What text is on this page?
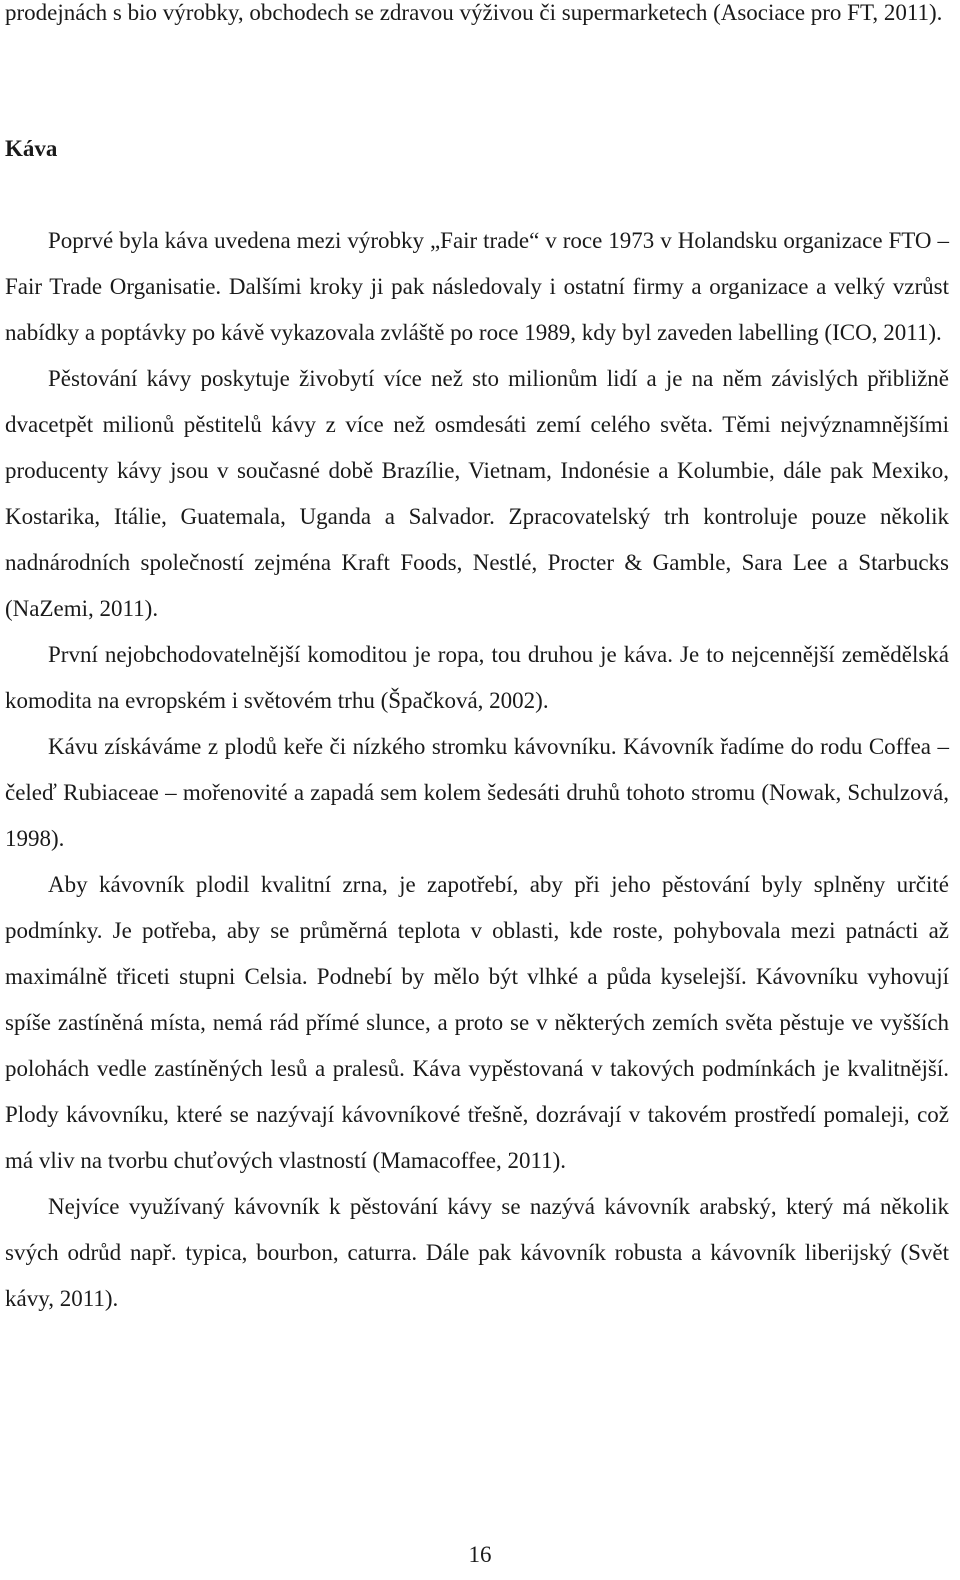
prodejnách s bio výrobky, obchodech se zdravou výživou či supermarketech (Asociace pro FT, 2011).

Káva

Poprvé byla káva uvedena mezi výrobky „Fair trade“ v roce 1973 v Holandsku organizace FTO – Fair Trade Organisatie. Dalšími kroky ji pak následovaly i ostatní firmy a organizace a velký vzrůst nabídky a poptávky po kávě vykazovala zvláště po roce 1989, kdy byl zaveden labelling (ICO, 2011).

Pěstování kávy poskytuje živobytí více než sto milionům lidí a je na něm závislých přibližně dvacetpět milionů pěstitelů kávy z více než osmdesáti zemí celého světa. Těmi nejvýznamnějšími producenty kávy jsou v současné době Brazílie, Vietnam, Indonésie a Kolumbie, dále pak Mexiko, Kostarika, Itálie, Guatemala, Uganda a Salvador. Zpracovatelský trh kontroluje pouze několik nadnárodních společností zejména Kraft Foods, Nestlé, Procter & Gamble, Sara Lee a Starbucks (NaZemi, 2011).

První nejobchodovatelnější komoditou je ropa, tou druhou je káva. Je to nejcennější zemědělská komodita na evropském i světovém trhu (Špačková, 2002).

Kávu získáváme z plodů keře či nízkého stromku kávovníku. Kávovník řadíme do rodu Coffea – čeleď Rubiaceae – mořenovité a zapadá sem kolem šedesáti druhů tohoto stromu (Nowak, Schulzová, 1998).

Aby kávovník plodil kvalitní zrna, je zapotřebí, aby při jeho pěstování byly splněny určité podmínky. Je potřeba, aby se průměrná teplota v oblasti, kde roste, pohybovala mezi patnácti až maximálně třiceti stupni Celsia. Podnebí by mělo být vlhké a půda kyselejší. Kávovníku vyhovují spíše zastíněná místa, nemá rád přímé slunce, a proto se v některých zemích světa pěstuje ve vyšších polohách vedle zastíněných lesů a pralesů. Káva vypěstovaná v takových podmínkách je kvalitnější. Plody kávovníku, které se nazývají kávovníkové třešně, dozrávají v takovém prostředí pomaleji, což má vliv na tvorbu chuťových vlastností (Mamacoffee, 2011).

Nejvíce využívaný kávovník k pěstování kávy se nazývá kávovník arabský, který má několik svých odrůd např. typica, bourbon, caturra. Dále pak kávovník robusta a kávovník liberijský (Svět kávy, 2011).

16
